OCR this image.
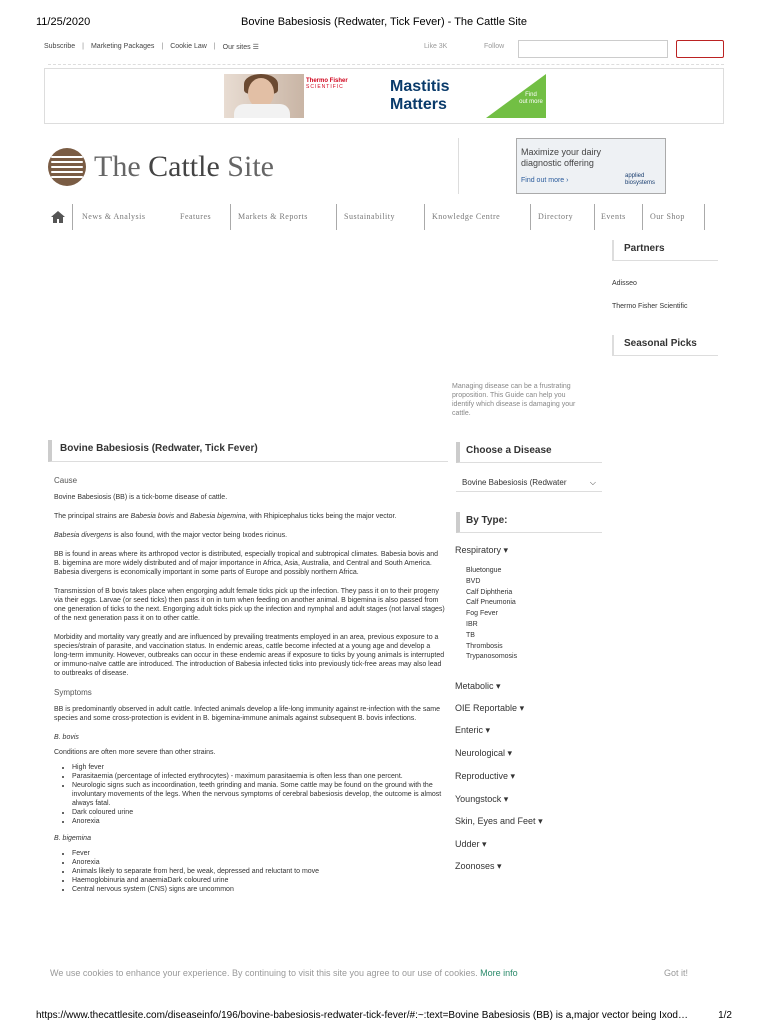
11/25/2020	Bovine Babesiosis (Redwater, Tick Fever) - The Cattle Site
Subscribe | Marketing Packages | Cookie Law | Our sites ☰	Like 3K	Follow
Thermo Fisher
SCIENTIFIC	Mastitis
Matters
Find
out more
The Cattle Site	Maximize your dairy
diagnostic offering
Find out more ›
applied
biosystems
News & Analysis	Features	Markets & Reports	Sustainability	Knowledge Centre	Directory	Events	Our Shop
Partners
Adisseo
Thermo Fisher Scientific
Seasonal Picks
Managing disease can be a frustrating proposition. This Guide can help you identify which disease is damaging your cattle.
Bovine Babesiosis (Redwater, Tick Fever)
Cause

Bovine Babesiosis (BB) is a tick-borne disease of cattle.

The principal strains are Babesia bovis and Babesia bigemina, with Rhipicephalus ticks being the major vector.

Babesia divergens is also found, with the major vector being Ixodes ricinus.

BB is found in areas where its arthropod vector is distributed, especially tropical and subtropical climates. Babesia bovis and B. bigemina are more widely distributed and of major importance in Africa, Asia, Australia, and Central and South America. Babesia divergens is economically important in some parts of Europe and possibly northern Africa.

Transmission of B bovis takes place when engorging adult female ticks pick up the infection. They pass it on to their progeny via their eggs. Larvae (or seed ticks) then pass it on in turn when feeding on another animal. B bigemina is also passed from one generation of ticks to the next. Engorging adult ticks pick up the infection and nymphal and adult stages (not larval stages) of the next generation pass it on to other cattle.

Morbidity and mortality vary greatly and are influenced by prevailing treatments employed in an area, previous exposure to a species/strain of parasite, and vaccination status. In endemic areas, cattle become infected at a young age and develop a long-term immunity. However, outbreaks can occur in these endemic areas if exposure to ticks by young animals is interrupted or immuno-naïve cattle are introduced. The introduction of Babesia infected ticks into previously tick-free areas may also lead to outbreaks of disease.

Symptoms

BB is predominantly observed in adult cattle. Infected animals develop a life-long immunity against re-infection with the same species and some cross-protection is evident in B. bigemina-immune animals against subsequent B. bovis infections.

B. bovis

Conditions are often more severe than other strains.

• High fever
• Parasitaemia (percentage of infected erythrocytes) - maximum parasitaemia is often less than one percent.
• Neurologic signs such as incoordination, teeth grinding and mania. Some cattle may be found on the ground with the involuntary movements of the legs. When the nervous symptoms of cerebral babesiosis develop, the outcome is almost always fatal.
• Dark coloured urine
• Anorexia
B. bigemina
• Fever
• Anorexia
• Animals likely to separate from herd, be weak, depressed and reluctant to move
• Haemoglobinuria and anaemiaDark coloured urine
• Central nervous system (CNS) signs are uncommon
Choose a Disease
Bovine Babesiosis (Redwater	⌵
By Type:
Respiratory ▾
Bluetongue
BVD
Calf Diphtheria
Calf Pneumonia
Fog Fever
IBR
TB
Thrombosis
Trypanosomosis
Metabolic ▾
OIE Reportable ▾
Enteric ▾
Neurological ▾
Reproductive ▾
Youngstock ▾
Skin, Eyes and Feet ▾
Udder ▾
Zoonoses ▾
We use cookies to enhance your experience. By continuing to visit this site you agree to our use of cookies. More info	Got it!
https://www.thecattlesite.com/diseaseinfo/196/bovine-babesiosis-redwater-tick-fever/#:~:text=Bovine Babesiosis (BB) is a,major vector being Ixod…	1/2
